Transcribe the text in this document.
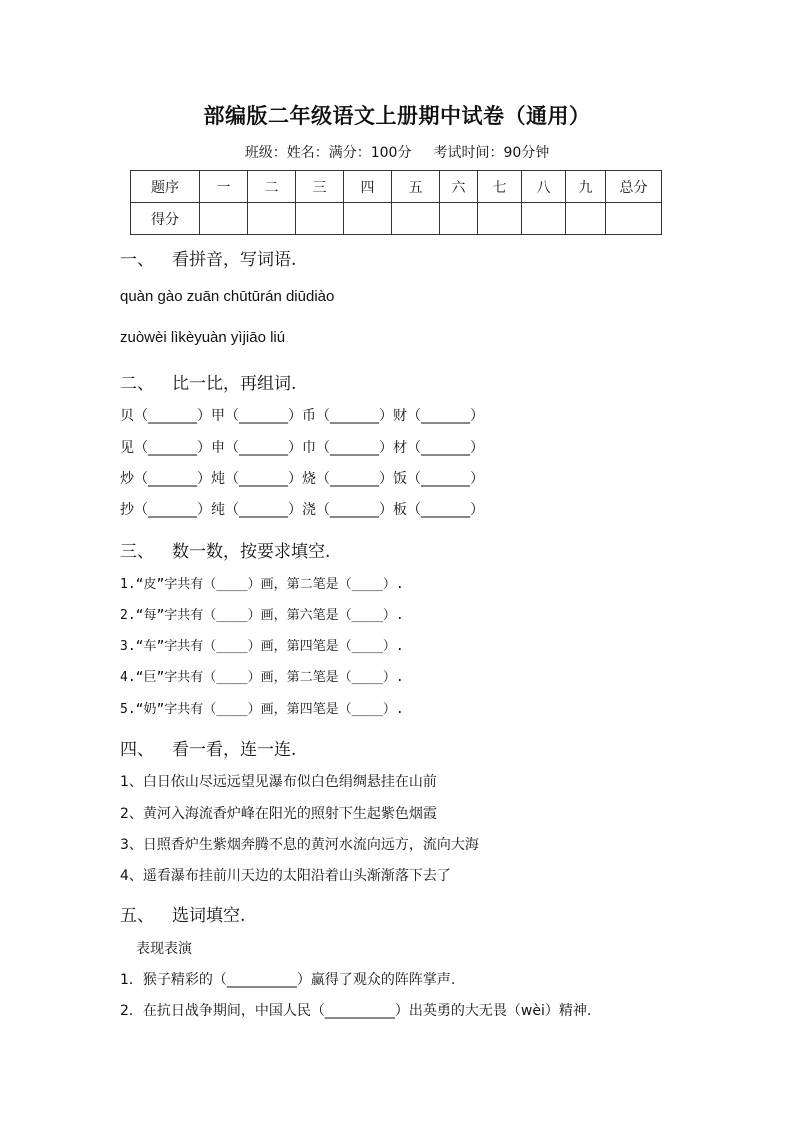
部编版二年级语文上册期中试卷（通用）
班级：姓名：满分：100分 考试时间：90分钟
题序	一	二	三	四	五	六	七	八	九	总分
得分										
一、 看拼音，写词语.
quàn gào zuān chūtūrán diūdiào
zuòwèi lìkèyuàn yìjiāo liú
二、 比一比，再组词.
贝（_______）甲（_______）币（_______）财（_______）
见（_______）申（_______）巾（_______）材（_______）
炒（_______）炖（_______）烧（_______）饭（_______）
抄（_______）纯（_______）浇（_______）板（_______）
三、 数一数，按要求填空.
1.“皮”字共有（____）画，第二笔是（____）.
2.“每”字共有（____）画，第六笔是（____）.
3.“车”字共有（____）画，第四笔是（____）.
4.“巨”字共有（____）画，第二笔是（____）.
5.“奶”字共有（____）画，第四笔是（____）.
四、 看一看，连一连.
1、白日依山尽远远望见瀑布似白色绢绸悬挂在山前
2、黄河入海流香炉峰在阳光的照射下生起紫色烟霞
3、日照香炉生紫烟奔腾不息的黄河水流向远方，流向大海
4、遥看瀑布挂前川天边的太阳沿着山头渐渐落下去了
五、 选词填空.
表现表演
1．猴子精彩的（__________）赢得了观众的阵阵掌声.
2．在抗日战争期间，中国人民（__________）出英勇的大无畏（wèi）精神.
